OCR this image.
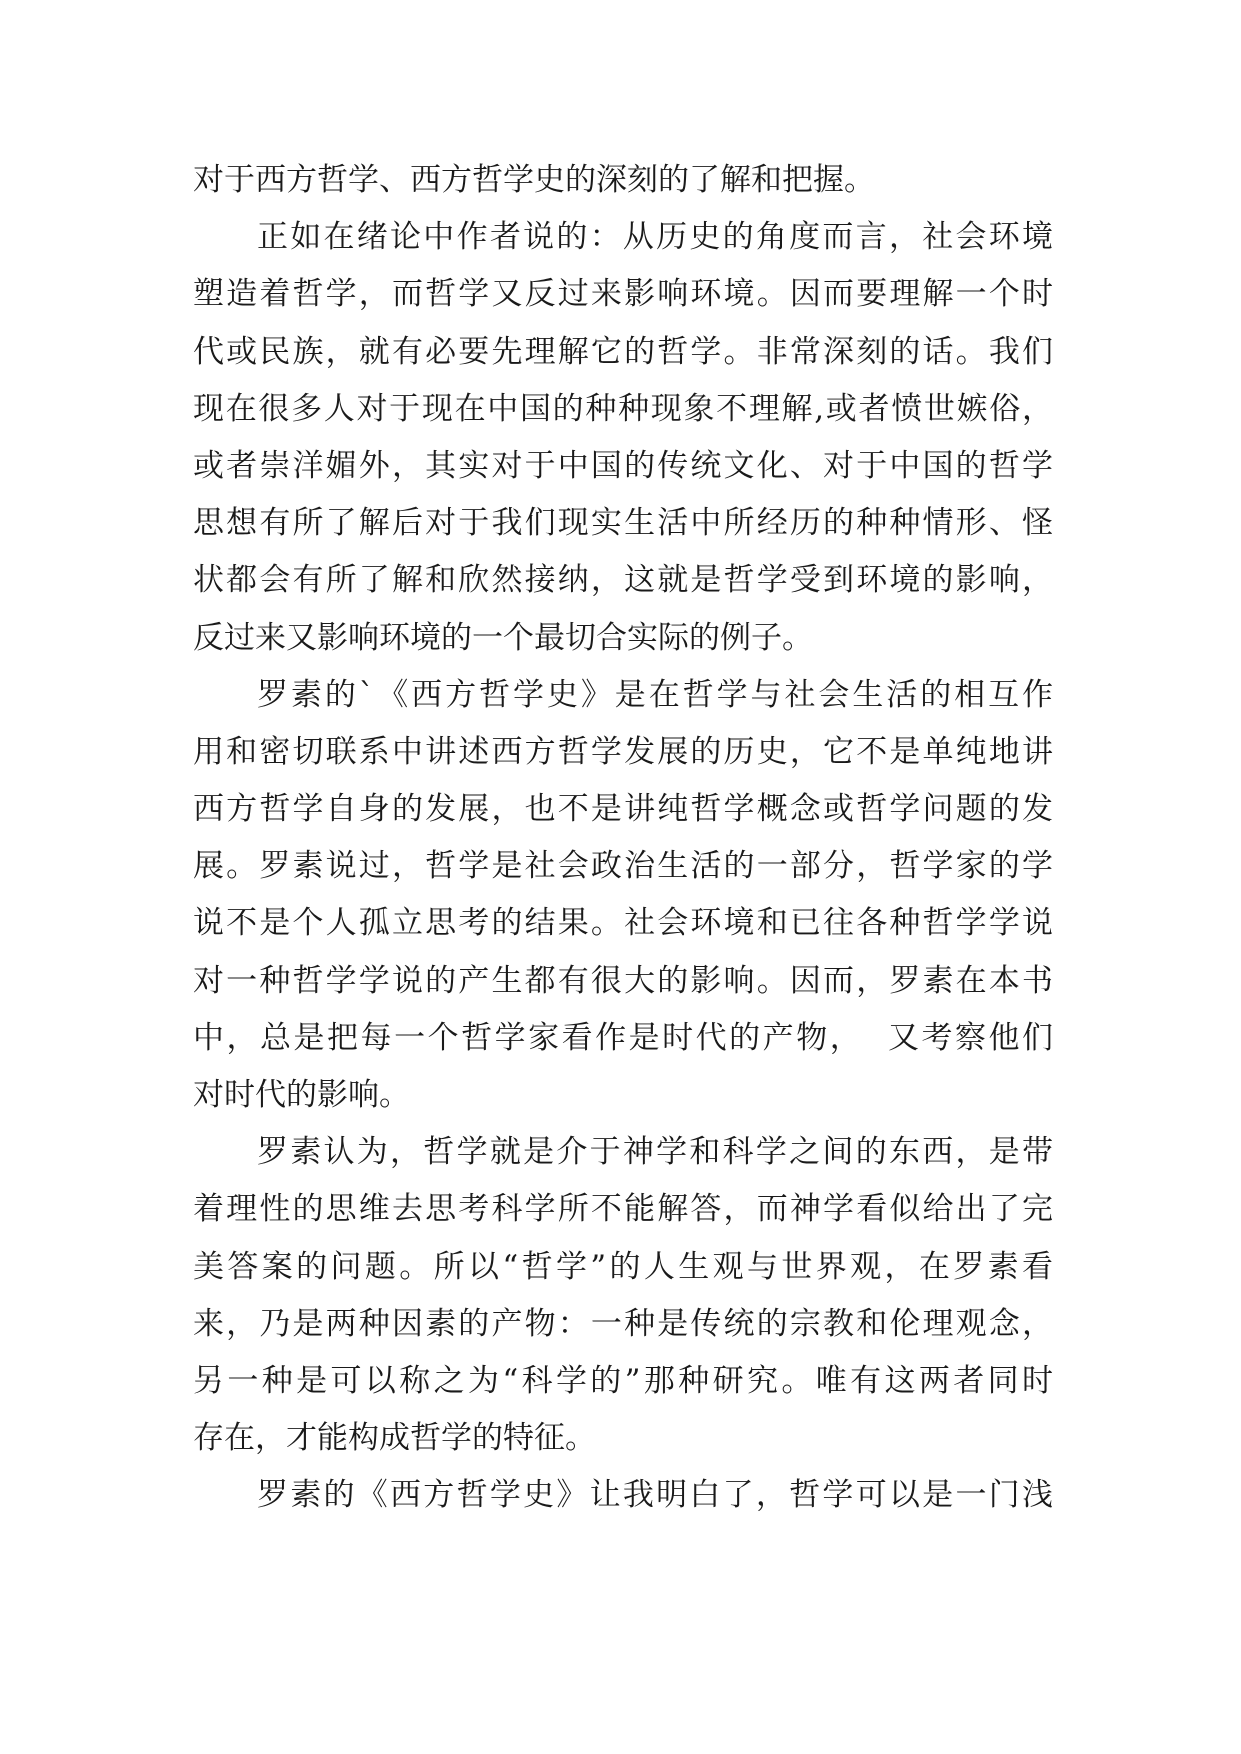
对于西方哲学、西方哲学史的深刻的了解和把握。
正如在绪论中作者说的：从历史的角度而言，社会环境
塑造着哲学，而哲学又反过来影响环境。因而要理解一个时
代或民族，就有必要先理解它的哲学。非常深刻的话。我们
现在很多人对于现在中国的种种现象不理解,或者愤世嫉俗，
或者崇洋媚外，其实对于中国的传统文化、对于中国的哲学
思想有所了解后对于我们现实生活中所经历的种种情形、怪
状都会有所了解和欣然接纳，这就是哲学受到环境的影响，
反过来又影响环境的一个最切合实际的例子。
罗素的`《西方哲学史》是在哲学与社会生活的相互作
用和密切联系中讲述西方哲学发展的历史，它不是单纯地讲
西方哲学自身的发展，也不是讲纯哲学概念或哲学问题的发
展。罗素说过，哲学是社会政治生活的一部分，哲学家的学
说不是个人孤立思考的结果。社会环境和已往各种哲学学说
对一种哲学学说的产生都有很大的影响。因而，罗素在本书
中，总是把每一个哲学家看作是时代的产物，  又考察他们
对时代的影响。
罗素认为，哲学就是介于神学和科学之间的东西，是带
着理性的思维去思考科学所不能解答，而神学看似给出了完
美答案的问题。所以“哲学”的人生观与世界观，在罗素看
来，乃是两种因素的产物：一种是传统的宗教和伦理观念，
另一种是可以称之为“科学的”那种研究。唯有这两者同时
存在，才能构成哲学的特征。
罗素的《西方哲学史》让我明白了，哲学可以是一门浅
